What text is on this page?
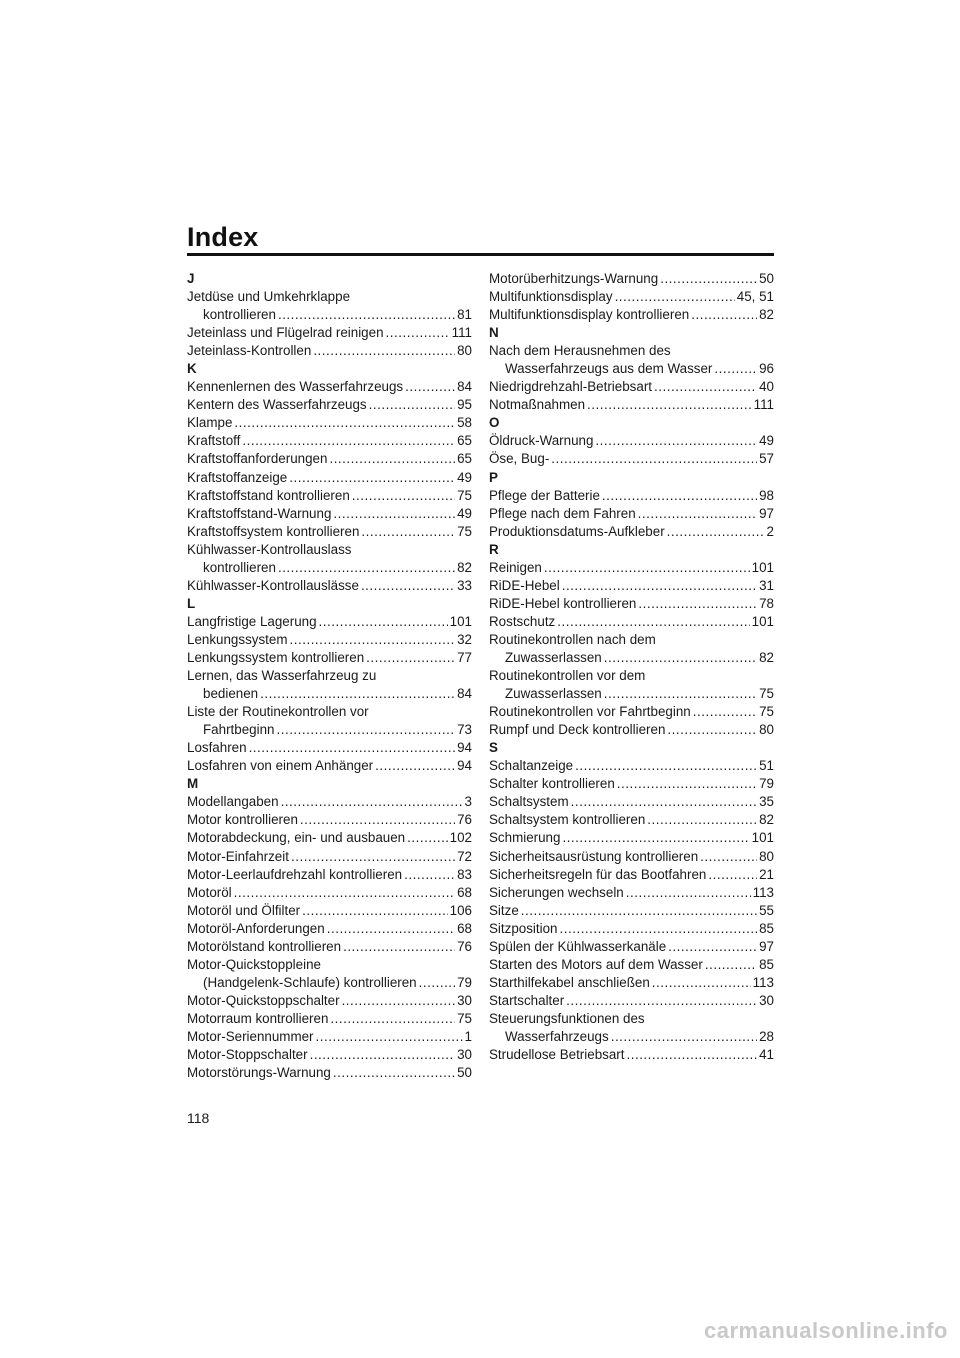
Index
J
Jetdüse und Umkehrklappe
kontrollieren . . .	81
Jeteinlass und Flügelrad reinigen . . .	111
Jeteinlass-Kontrollen . . .	80
K
Kennenlernen des Wasserfahrzeugs . . .	84
Kentern des Wasserfahrzeugs . . .	95
Klampe . . .	58
Kraftstoff . . .	65
Kraftstoffanforderungen . . .	65
Kraftstoffanzeige . . .	49
Kraftstoffstand kontrollieren . . .	75
Kraftstoffstand-Warnung . . .	49
Kraftstoffsystem kontrollieren . . .	75
Kühlwasser-Kontrollauslass
kontrollieren . . .	82
Kühlwasser-Kontrollauslässe . . .	33
L
Langfristige Lagerung . . .	101
Lenkungssystem . . .	32
Lenkungssystem kontrollieren . . .	77
Lernen, das Wasserfahrzeug zu
bedienen . . .	84
Liste der Routinekontrollen vor
Fahrtbeginn . . .	73
Losfahren . . .	94
Losfahren von einem Anhänger . . .	94
M
Modellangaben . . .	3
Motor kontrollieren . . .	76
Motorabdeckung, ein- und ausbauen . . .	102
Motor-Einfahrzeit . . .	72
Motor-Leerlaufdrehzahl kontrollieren . . .	83
Motoröl . . .	68
Motoröl und Ölfilter . . .	106
Motoröl-Anforderungen . . .	68
Motorölstand kontrollieren . . .	76
Motor-Quickstoppleine
(Handgelenk-Schlaufe) kontrollieren . . .	79
Motor-Quickstoppschalter . . .	30
Motorraum kontrollieren . . .	75
Motor-Seriennummer . . .	1
Motor-Stoppschalter . . .	30
Motorstörungs-Warnung . . .	50
Motorüberhitzungs-Warnung . . .	50
Multifunktionsdisplay . . .	45, 51
Multifunktionsdisplay kontrollieren . . .	82
N
Nach dem Herausnehmen des
Wasserfahrzeugs aus dem Wasser . . .	96
Niedrigdrehzahl-Betriebsart . . .	40
Notmaßnahmen . . .	111
O
Öldruck-Warnung . . .	49
Öse, Bug- . . .	57
P
Pflege der Batterie . . .	98
Pflege nach dem Fahren . . .	97
Produktionsdatums-Aufkleber . . .	2
R
Reinigen . . .	101
RiDE-Hebel . . .	31
RiDE-Hebel kontrollieren . . .	78
Rostschutz . . .	101
Routinekontrollen nach dem
Zuwasserlassen . . .	82
Routinekontrollen vor dem
Zuwasserlassen . . .	75
Routinekontrollen vor Fahrtbeginn . . .	75
Rumpf und Deck kontrollieren . . .	80
S
Schaltanzeige . . .	51
Schalter kontrollieren . . .	79
Schaltsystem . . .	35
Schaltsystem kontrollieren . . .	82
Schmierung . . .	101
Sicherheitsausrüstung kontrollieren . . .	80
Sicherheitsregeln für das Bootfahren . . .	21
Sicherungen wechseln . . .	113
Sitze . . .	55
Sitzposition . . .	85
Spülen der Kühlwasserkanäle . . .	97
Starten des Motors auf dem Wasser . . .	85
Starthilfekabel anschließen . . .	113
Startschalter . . .	30
Steuerungsfunktionen des
Wasserfahrzeugs . . .	28
Strudellose Betriebsart . . .	41
118
carmanualsonline.info
